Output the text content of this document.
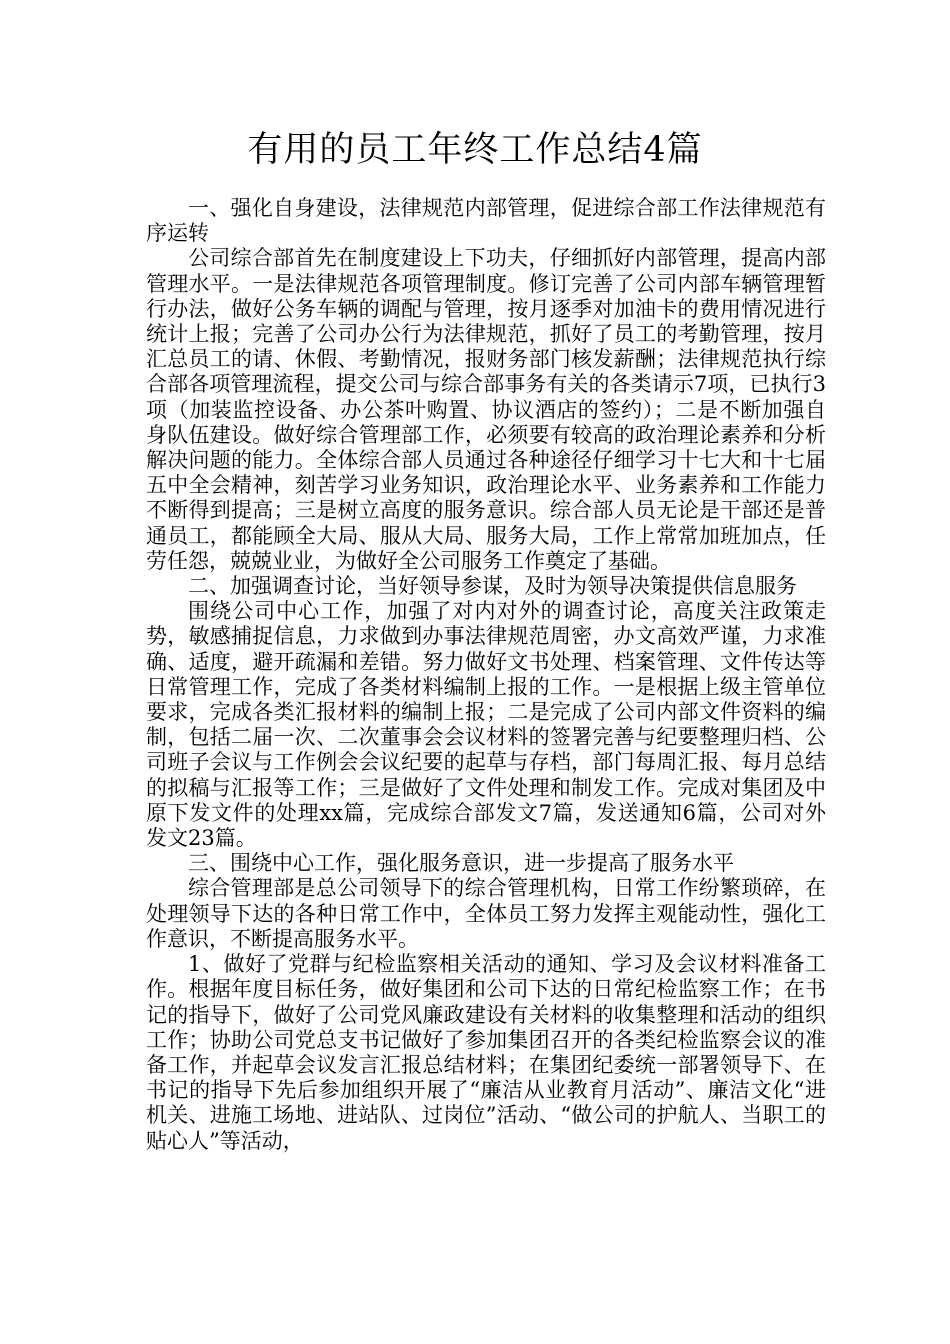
有用的员工年终工作总结4篇

一、强化自身建设，法律规范内部管理，促进综合部工作法律规范有序运转

公司综合部首先在制度建设上下功夫，仔细抓好内部管理，提高内部管理水平。一是法律规范各项管理制度。修订完善了公司内部车辆管理暂行办法，做好公务车辆的调配与管理，按月逐季对加油卡的费用情况进行统计上报；完善了公司办公行为法律规范，抓好了员工的考勤管理，按月汇总员工的请、休假、考勤情况，报财务部门核发薪酬；法律规范执行综合部各项管理流程，提交公司与综合部事务有关的各类请示7项，已执行3项（加装监控设备、办公茶叶购置、协议酒店的签约）；二是不断加强自身队伍建设。做好综合管理部工作，必须要有较高的政治理论素养和分析解决问题的能力。全体综合部人员通过各种途径仔细学习十七大和十七届五中全会精神，刻苦学习业务知识，政治理论水平、业务素养和工作能力不断得到提高；三是树立高度的服务意识。综合部人员无论是干部还是普通员工，都能顾全大局、服从大局、服务大局，工作上常常加班加点，任劳任怨，兢兢业业，为做好全公司服务工作奠定了基础。

二、加强调查讨论，当好领导参谋，及时为领导决策提供信息服务

围绕公司中心工作，加强了对内对外的调查讨论，高度关注政策走势，敏感捕捉信息，力求做到办事法律规范周密，办文高效严谨，力求准确、适度，避开疏漏和差错。努力做好文书处理、档案管理、文件传达等日常管理工作，完成了各类材料编制上报的工作。一是根据上级主管单位要求，完成各类汇报材料的编制上报；二是完成了公司内部文件资料的编制，包括二届一次、二次董事会会议材料的签署完善与纪要整理归档、公司班子会议与工作例会会议纪要的起草与存档，部门每周汇报、每月总结的拟稿与汇报等工作；三是做好了文件处理和制发工作。完成对集团及中原下发文件的处理xx篇，完成综合部发文7篇，发送通知6篇，公司对外发文23篇。

三、围绕中心工作，强化服务意识，进一步提高了服务水平

综合管理部是总公司领导下的综合管理机构，日常工作纷繁琐碎，在处理领导下达的各种日常工作中，全体员工努力发挥主观能动性，强化工作意识，不断提高服务水平。

1、做好了党群与纪检监察相关活动的通知、学习及会议材料准备工作。根据年度目标任务，做好集团和公司下达的日常纪检监察工作；在书记的指导下，做好了公司党风廉政建设有关材料的收集整理和活动的组织工作；协助公司党总支书记做好了参加集团召开的各类纪检监察会议的准备工作，并起草会议发言汇报总结材料；在集团纪委统一部署领导下、在书记的指导下先后参加组织开展了“廉洁从业教育月活动”、廉洁文化“进机关、进施工场地、进站队、过岗位”活动、“做公司的护航人、当职工的贴心人”等活动，
